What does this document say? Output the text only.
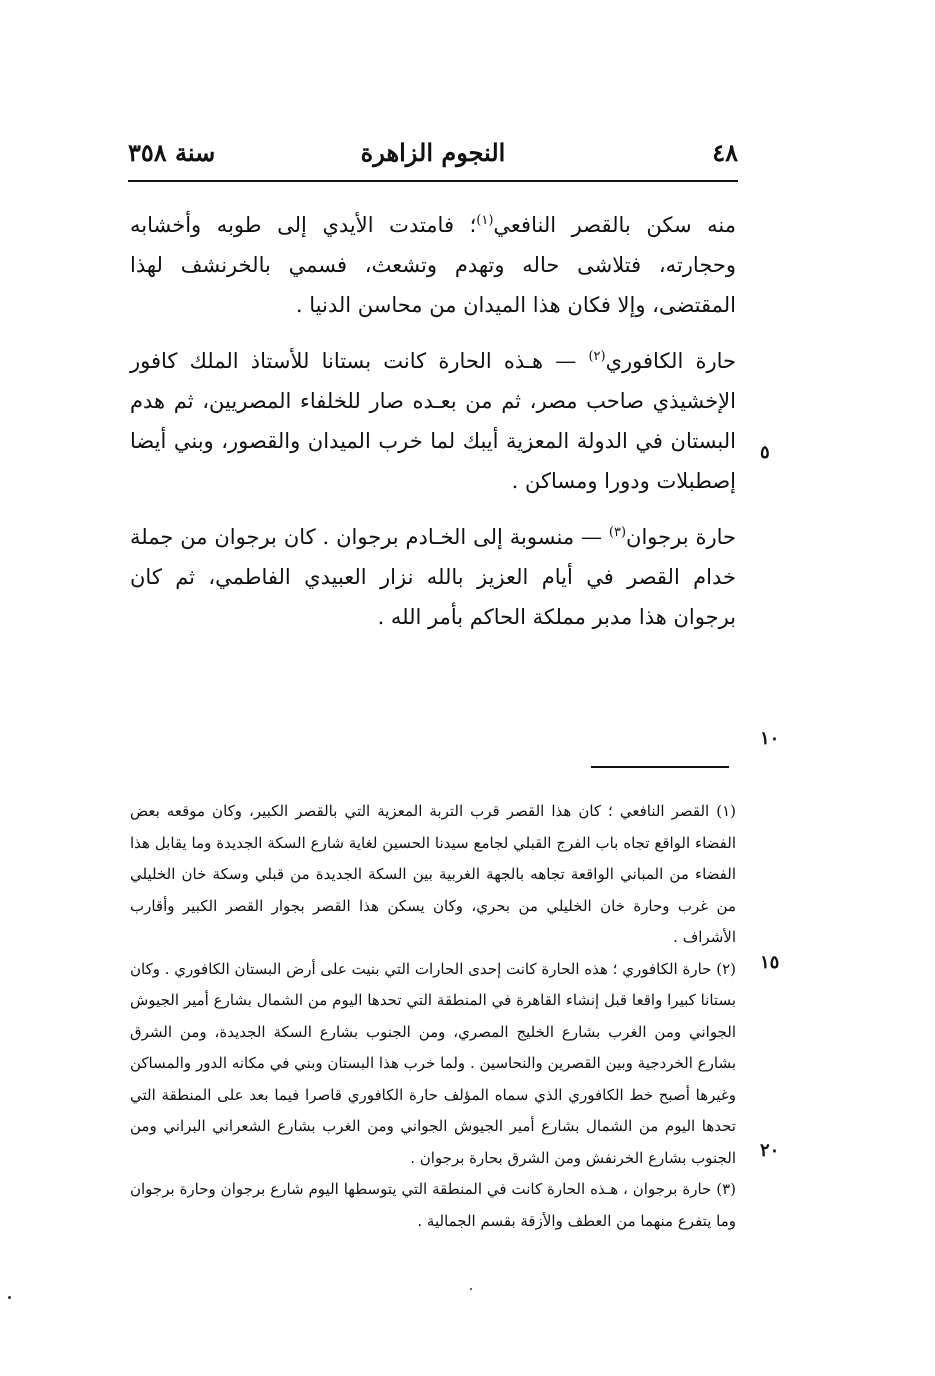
٤٨
النجوم الزاهرة
سنة ٣٥٨

منه سكن بالقصر النافعي$^{(١)}$؛ فامتدت الأيدي إلى طوبه وأخشابه وحجارته، فتلاشى حاله وتهدم وتشعث، فسمي بالخرنشف لهذا المقتضى، وإلا فكان هذا الميدان من محاسن الدنيا .

حارة الكافوري$^{(٢)}$ — هـذه الحارة كانت بستانا للأستاذ الملك كافور الإخشيذي صاحب مصر، ثم من بعـده صار للخلفاء المصريين، ثم هدم البستان في الدولة المعزية أيبك لما خرب الميدان والقصور، وبني أيضا إصطبلات ودورا ومساكن .

حارة برجوان$^{(٣)}$ — منسوبة إلى الخـادم برجوان . كان برجوان من جملة خدام القصر في أيام العزيز بالله نزار العبيدي الفاطمي، ثم كان برجوان هذا مدبر مملكة الحاكم بأمر الله .

٥
١٠
١٥
٢٠

(١) القصر النافعي ؛ كان هذا القصر قرب التربة المعزية التي بالقصر الكبير، وكان موقعه بعض الفضاء الواقع تجاه باب الفرج القبلي لجامع سيدنا الحسين لغاية شارع السكة الجديدة وما يقابل هذا الفضاء من المباني الواقعة تجاهه بالجهة الغربية بين السكة الجديدة من قبلي وسكة خان الخليلي من غرب وحارة خان الخليلي من بحري، وكان يسكن هذا القصر بجوار القصر الكبير وأقارب الأشراف .

(٢) حارة الكافوري ؛ هذه الحارة كانت إحدى الحارات التي بنيت على أرض البستان الكافوري . وكان بستانا كبيرا واقعا قبل إنشاء القاهرة في المنطقة التي تحدها اليوم من الشمال بشارع أمير الجيوش الجواني ومن الغرب بشارع الخليج المصري، ومن الجنوب بشارع السكة الجديدة، ومن الشرق بشارع الخردجية وبين القصرين والنحاسين . ولما خرب هذا البستان وبني في مكانه الدور والمساكن وغيرها أصبح خط الكافوري الذي سماه المؤلف حارة الكافوري قاصرا فيما بعد على المنطقة التي تحدها اليوم من الشمال بشارع أمير الجيوش الجواني ومن الغرب بشارع الشعراني البراني ومن الجنوب بشارع الخرنفش ومن الشرق بحارة برجوان .

(٣) حارة برجوان ، هـذه الحارة كانت في المنطقة التي يتوسطها اليوم شارع برجوان وحارة برجوان وما يتفرع منهما من العطف والأزقة بقسم الجمالية .
